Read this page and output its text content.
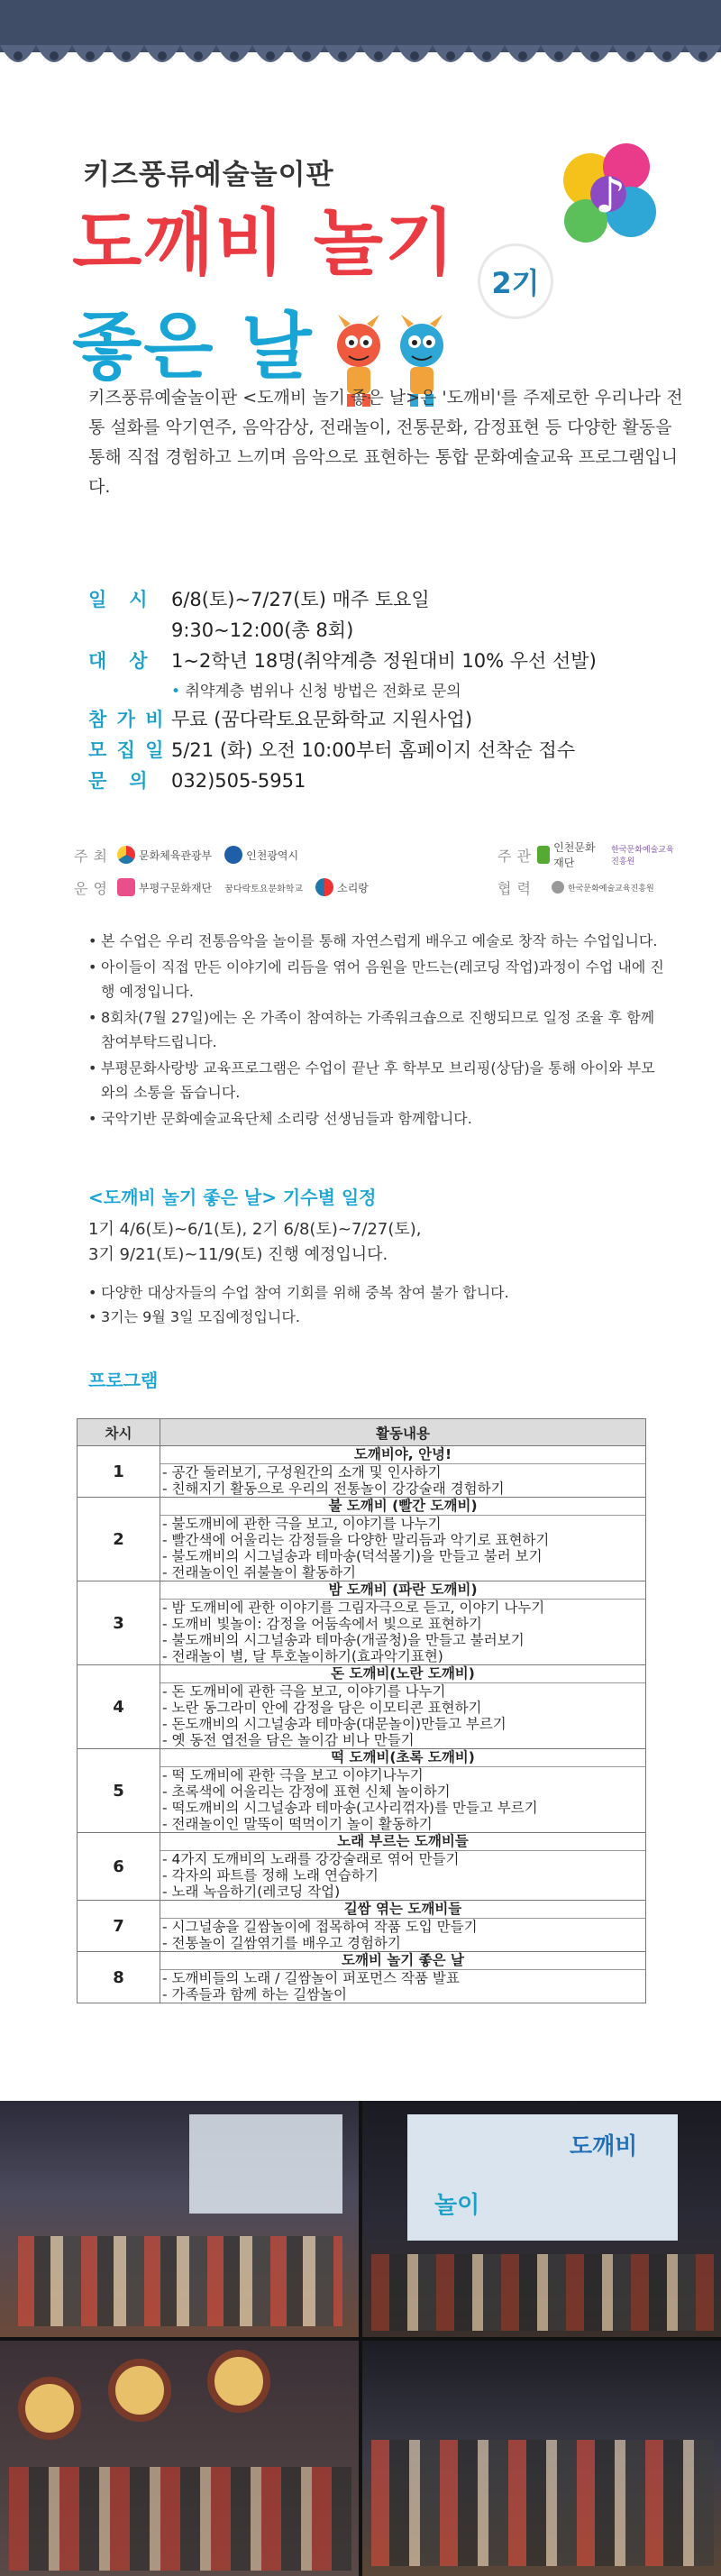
키즈풍류예술놀이판
도깨비 놀기
좋은 날
2기
♪

키즈풍류예술놀이판 <도깨비 놀기 좋은 날>은 '도깨비'를 주제로한 우리나라 전통 설화를 악기연주, 음악감상, 전래놀이, 전통문화, 감정표현 등 다양한 활동을 통해 직접 경험하고 느끼며 음악으로 표현하는 통합 문화예술교육 프로그램입니다.

일　시	6/8(토)~7/27(토) 매주 토요일
9:30~12:00(총 8회)
대　상	1~2학년 18명(취약계층 정원대비 10% 우선 선발)
• 취약계층 범위나 신청 방법은 전화로 문의
참 가 비 무료 (꿈다락토요문화학교 지원사업)
모 집 일 5/21 (화) 오전 10:00부터 홈페이지 선착순 접수
문　의	032)505-5951
주최	문화체육관광부	인천광역시	주관 인천문화재단
한국문화예술교육진흥원
운영	부평구문화재단 꿈다락토요문화학교	소리랑	협력	한국문화예술교육진흥원
• 본 수업은 우리 전통음악을 놀이를 통해 자연스럽게 배우고 예술로 창작 하는 수업입니다.
• 아이들이 직접 만든 이야기에 리듬을 엮어 음원을 만드는(레코딩 작업)과정이 수업 내에 진행 예정입니다.
• 8회차(7월 27일)에는 온 가족이 참여하는 가족워크숍으로 진행되므로 일정 조율 후 함께 참여부탁드립니다.
• 부평문화사랑방 교육프로그램은 수업이 끝난 후 학부모 브리핑(상담)을 통해 아이와 부모와의 소통을 돕습니다.
• 국악기반 문화예술교육단체 소리랑 선생님들과 함께합니다.
<도깨비 놀기 좋은 날> 기수별 일정
1기 4/6(토)~6/1(토), 2기 6/8(토)~7/27(토),
3기 9/21(토)~11/9(토) 진행 예정입니다.
• 다양한 대상자들의 수업 참여 기회를 위해 중복 참여 불가 합니다.
• 3기는 9월 3일 모집예정입니다.
프로그램
차시	활동내용
1	도깨비야, 안녕!
- 공간 둘러보기, 구성원간의 소개 및 인사하기
- 친해지기 활동으로 우리의 전통놀이 강강술래 경험하기

2	불 도깨비 (빨간 도깨비)
- 불도깨비에 관한 극을 보고, 이야기를 나누기
- 빨간색에 어울리는 감정들을 다양한 말리듬과 악기로 표현하기
- 불도깨비의 시그널송과 테마송(덕석몰기)을 만들고 불러 보기
- 전래놀이인 쥐불놀이 활동하기

3	밤 도깨비 (파란 도깨비)
- 밤 도깨비에 관한 이야기를 그림자극으로 듣고, 이야기 나누기
- 도깨비 빛놀이: 감정을 어둠속에서 빛으로 표현하기
- 불도깨비의 시그널송과 테마송(개골청)을 만들고 불러보기
- 전래놀이 별, 달 투호놀이하기(효과악기표현)

4	돈 도깨비(노란 도깨비)
- 돈 도깨비에 관한 극을 보고, 이야기를 나누기
- 노란 동그라미 안에 감정을 담은 이모티콘 표현하기
- 돈도깨비의 시그널송과 테마송(대문놀이)만들고 부르기
- 옛 동전 엽전을 담은 놀이감 비나 만들기

5	떡 도깨비(초록 도깨비)
- 떡 도깨비에 관한 극을 보고 이야기나누기
- 초록색에 어울리는 감정에 표현 신체 놀이하기
- 떡도깨비의 시그널송과 테마송(고사리꺾자)를 만들고 부르기
- 전래놀이인 말뚝이 떡먹이기 놀이 활동하기

6	노래 부르는 도깨비들
- 4가지 도깨비의 노래를 강강술래로 엮어 만들기
- 각자의 파트를 정해 노래 연습하기
- 노래 녹음하기(레코딩 작업)

7	길쌈 엮는 도깨비들
- 시그널송을 길쌈놀이에 접목하여 작품 도입 만들기
- 전통놀이 길쌈엮기를 배우고 경험하기

8	도깨비 놀기 좋은 날
- 도깨비들의 노래 / 길쌈놀이 퍼포먼스 작품 발표
- 가족들과 함께 하는 길쌈놀이
도깨비
놀이
